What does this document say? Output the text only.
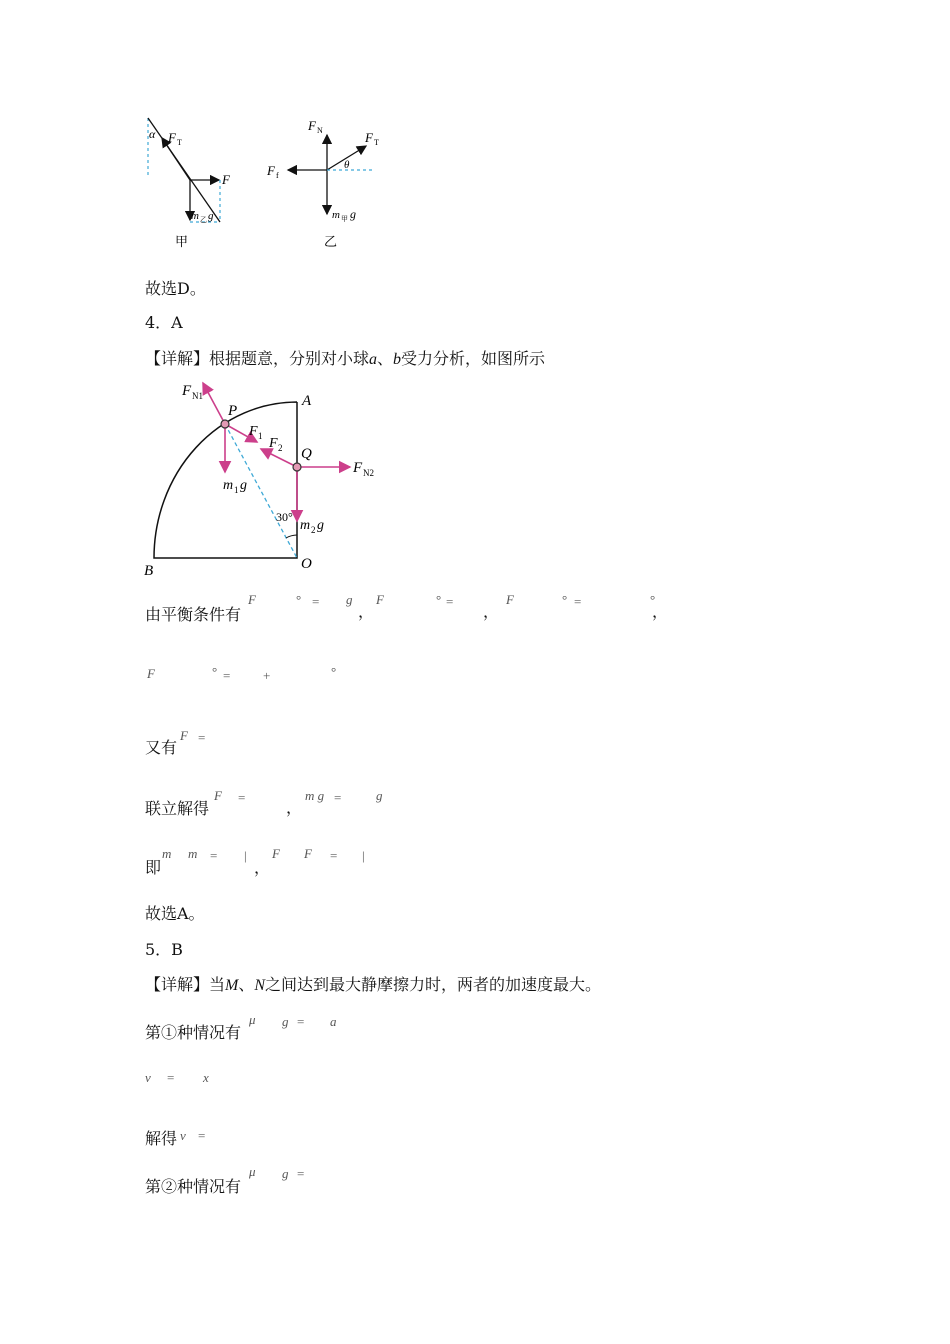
α F T
F
m 乙 g
甲
F N	F T
θ
F f
m 甲 g
乙
故选D。
4．A
【详解】根据题意，分别对小球a、b受力分析，如图所示
F N1
P
A
F 1 F 2 Q
F N2
m 1 g
30°
m 2 g
B	O
由平衡条件有
F	° = g
，
F	° =
，
F	° =	°
，
F	° =	+	°
又有
F =
联立解得
F =
，
m g =	g
即
m m = |
，
F F = |
故选A。
5．B
【详解】当M、N之间达到最大静摩擦力时，两者的加速度最大。
第①种情况有
μ g = a
v = x
解得 v =
第②种情况有
μ g =
